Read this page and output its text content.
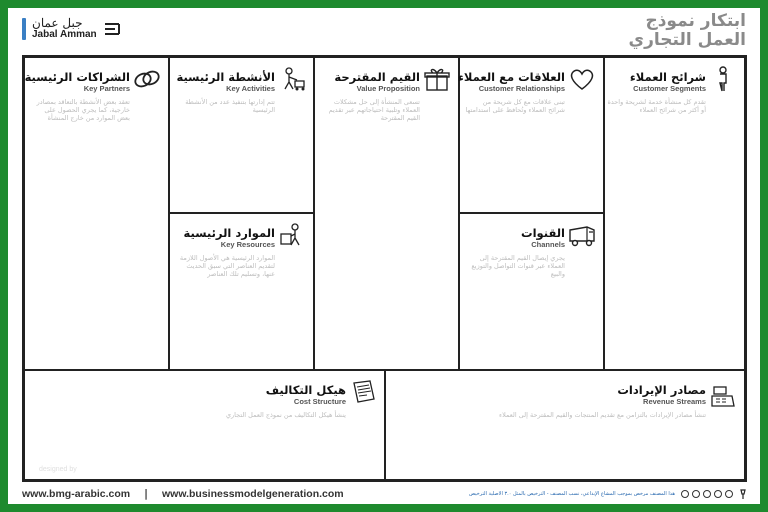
جبل عمان
Jabal Amman
ابتكار نموذج
العمل التجاري
الشراكات الرئيسية
Key Partners
تعقد بعض الأنشطة بالتعاقد بمصادر خارجية، كما يجري الحصول على بعض الموارد من خارج المنشأة
الأنشطة الرئيسية
Key Activities
تتم إدارتها بتنفيذ عدد من الأنشطة الرئيسية
الموارد الرئيسية
Key Resources
الموارد الرئيسية هي الأصول اللازمة لتقديم العناصر التي سبق الحديث عنها، وتسليم تلك العناصر
القيم المقترحة
Value Proposition
تسعى المنشأة إلى حل مشكلات العملاء وتلبية احتياجاتهم عبر تقديم القيم المقترحة
العلاقات مع العملاء
Customer Relationships
تبنى علاقات مع كل شريحة من شرائح العملاء وتُحافظ على استدامتها
القنوات
Channels
يجري إيصال القيم المقترحة إلى العملاء عبر قنوات التواصل والتوزيع والبيع
شرائح العملاء
Customer Segments
تقدم كل منشأة خدمة لشريحة واحدة أو أكثر من شرائح العملاء
هيكل التكاليف
Cost Structure
ينشأ هيكل التكاليف من نموذج العمل التجاري
designed by
مصادر الإيرادات
Revenue Streams
تنشأ مصادر الإيرادات بالتزامن مع تقديم المنتجات والقيم المقترحة إلى العملاء
www.bmg-arabic.com | www.businessmodelgeneration.com	هذا المصنف مرخص بموجب المشاع الإبداعي، نسب المصنف - الترخيص بالمثل ٣.٠ الاصلية الترخيص
